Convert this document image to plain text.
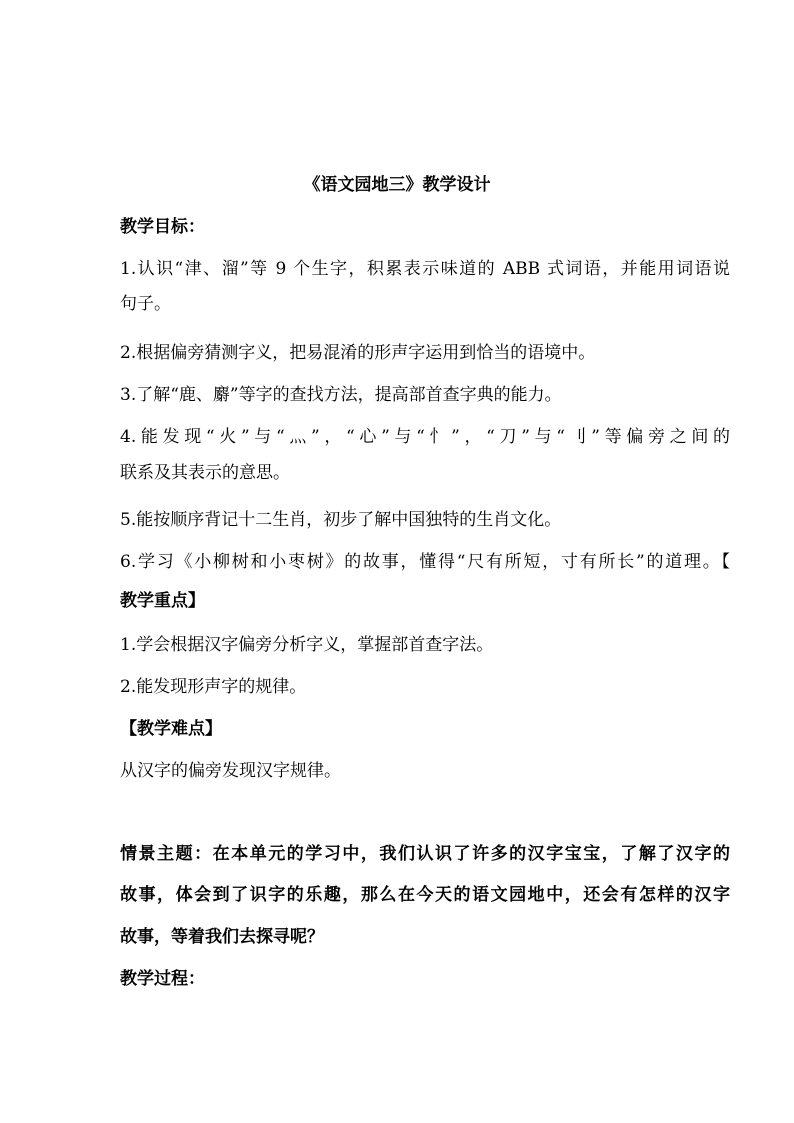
《语文园地三》教学设计
教学目标：
1.认识“津、溜”等 9 个生字，积累表示味道的 ABB 式词语，并能用词语说
句子。
2.根据偏旁猜测字义，把易混淆的形声字运用到恰当的语境中。
3.了解“鹿、麝”等字的查找方法，提高部首查字典的能力。
4.能发现“火”与“灬”，“心”与“忄”，“刀”与“刂”等偏旁之间的
联系及其表示的意思。
5.能按顺序背记十二生肖，初步了解中国独特的生肖文化。
6.学习《小柳树和小枣树》的故事，懂得“尺有所短，寸有所长”的道理。【
教学重点】
1.学会根据汉字偏旁分析字义，掌握部首查字法。
2.能发现形声字的规律。
【教学难点】
从汉字的偏旁发现汉字规律。
情景主题：在本单元的学习中，我们认识了许多的汉字宝宝，了解了汉字的
故事，体会到了识字的乐趣，那么在今天的语文园地中，还会有怎样的汉字
故事，等着我们去探寻呢？
教学过程：
